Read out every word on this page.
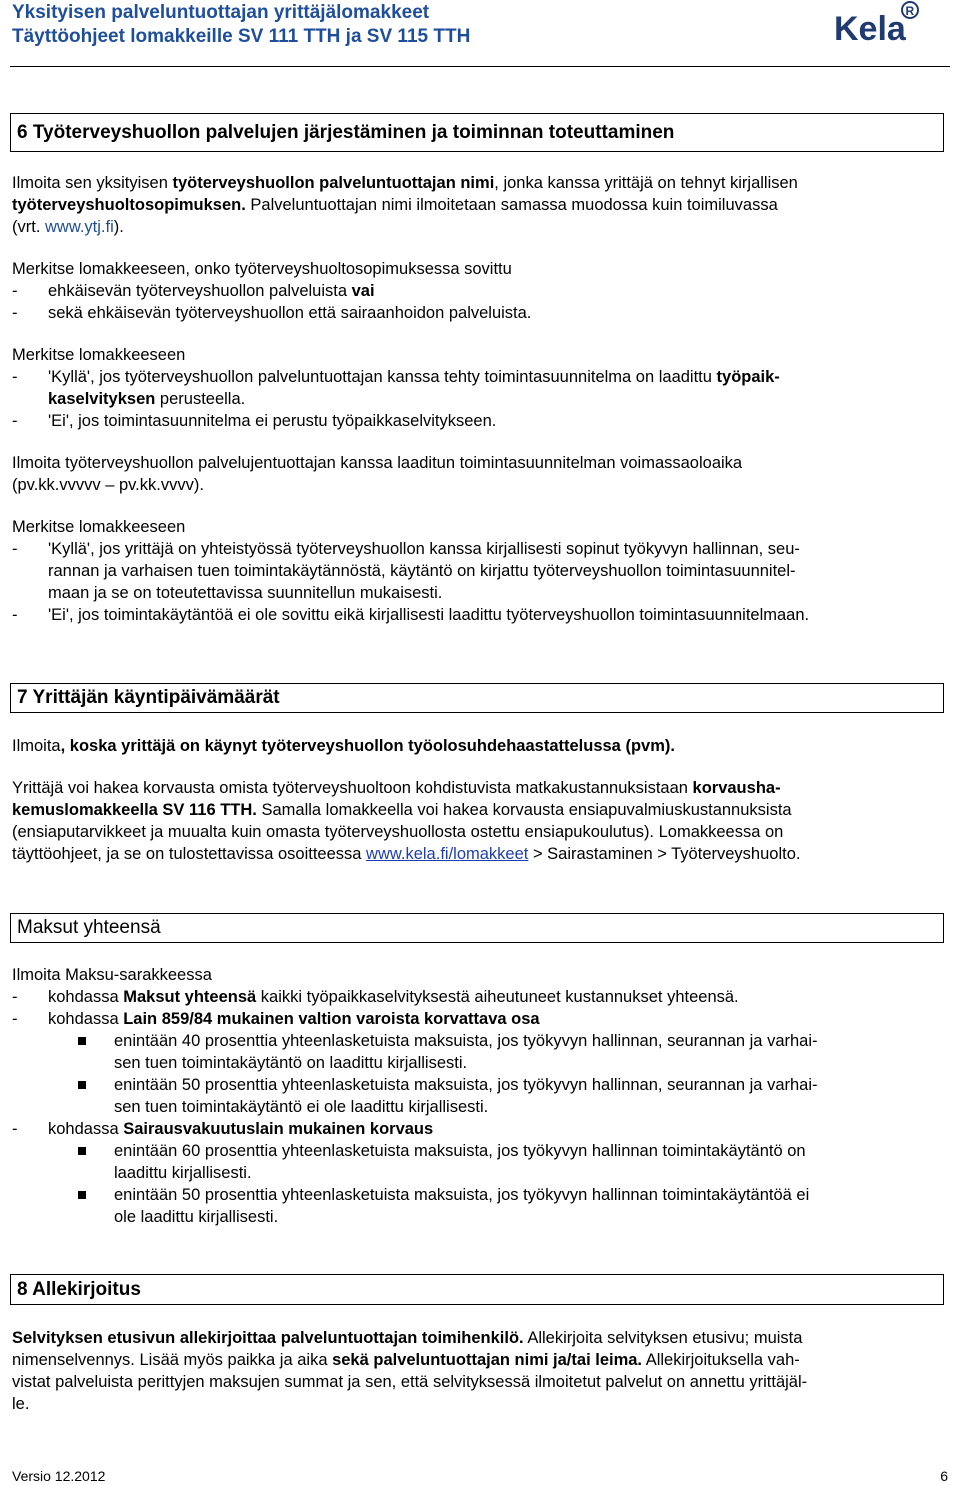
Yksityisen palveluntuottajan yrittäjälomakkeet
Täyttöohjeet lomakkeille SV 111 TTH ja SV 115 TTH	Kela R
6 Työterveyshuollon palvelujen järjestäminen ja toiminnan toteuttaminen
Ilmoita sen yksityisen työterveyshuollon palveluntuottajan nimi, jonka kanssa yrittäjä on tehnyt kirjallisen
työterveyshuoltosopimuksen. Palveluntuottajan nimi ilmoitetaan samassa muodossa kuin toimiluvassa
(vrt. www.ytj.fi).
Merkitse lomakkeeseen, onko työterveyshuoltosopimuksessa sovittu
-	ehkäisevän työterveyshuollon palveluista vai
-	sekä ehkäisevän työterveyshuollon että sairaanhoidon palveluista.
Merkitse lomakkeeseen
-	'Kyllä', jos työterveyshuollon palveluntuottajan kanssa tehty toimintasuunnitelma on laadittu työpaik-
kaselvityksen perusteella.
-	'Ei', jos toimintasuunnitelma ei perustu työpaikkaselvitykseen.
Ilmoita työterveyshuollon palvelujentuottajan kanssa laaditun toimintasuunnitelman voimassaoloaika
(pv.kk.vvvvv – pv.kk.vvvv).
Merkitse lomakkeeseen
-	'Kyllä', jos yrittäjä on yhteistyössä työterveyshuollon kanssa kirjallisesti sopinut työkyvyn hallinnan, seu-
rannan ja varhaisen tuen toimintakäytännöstä, käytäntö on kirjattu työterveyshuollon toimintasuunnitel-
maan ja se on toteutettavissa suunnitellun mukaisesti.
-	'Ei', jos toimintakäytäntöä ei ole sovittu eikä kirjallisesti laadittu työterveyshuollon toimintasuunnitelmaan.
7 Yrittäjän käyntipäivämäärät
Ilmoita, koska yrittäjä on käynyt työterveyshuollon työolosuhdehaastattelussa (pvm).
Yrittäjä voi hakea korvausta omista työterveyshuoltoon kohdistuvista matkakustannuksistaan korvausha-
kemuslomakkeella SV 116 TTH. Samalla lomakkeella voi hakea korvausta ensiapuvalmiuskustannuksista
(ensiaputarvikkeet ja muualta kuin omasta työterveyshuollosta ostettu ensiapukoulutus). Lomakkeessa on
täyttöohjeet, ja se on tulostettavissa osoitteessa www.kela.fi/lomakkeet > Sairastaminen > Työterveyshuolto.
Maksut yhteensä
Ilmoita Maksu-sarakkeessa
-	kohdassa Maksut yhteensä kaikki työpaikkaselvityksestä aiheutuneet kustannukset yhteensä.
-	kohdassa Lain 859/84 mukainen valtion varoista korvattava osa
enintään 40 prosenttia yhteenlasketuista maksuista, jos työkyvyn hallinnan, seurannan ja varhai-
sen tuen toimintakäytäntö on laadittu kirjallisesti.
enintään 50 prosenttia yhteenlasketuista maksuista, jos työkyvyn hallinnan, seurannan ja varhai-
sen tuen toimintakäytäntö ei ole laadittu kirjallisesti.
-	kohdassa Sairausvakuutuslain mukainen korvaus
enintään 60 prosenttia yhteenlasketuista maksuista, jos työkyvyn hallinnan toimintakäytäntö on
laadittu kirjallisesti.
enintään 50 prosenttia yhteenlasketuista maksuista, jos työkyvyn hallinnan toimintakäytäntöä ei
ole laadittu kirjallisesti.
8 Allekirjoitus
Selvityksen etusivun allekirjoittaa palveluntuottajan toimihenkilö. Allekirjoita selvityksen etusivu; muista
nimenselvennys. Lisää myös paikka ja aika sekä palveluntuottajan nimi ja/tai leima. Allekirjoituksella vah-
vistat palveluista perittyjen maksujen summat ja sen, että selvityksessä ilmoitetut palvelut on annettu yrittäjäl-
le.
Versio 12.2012	6
